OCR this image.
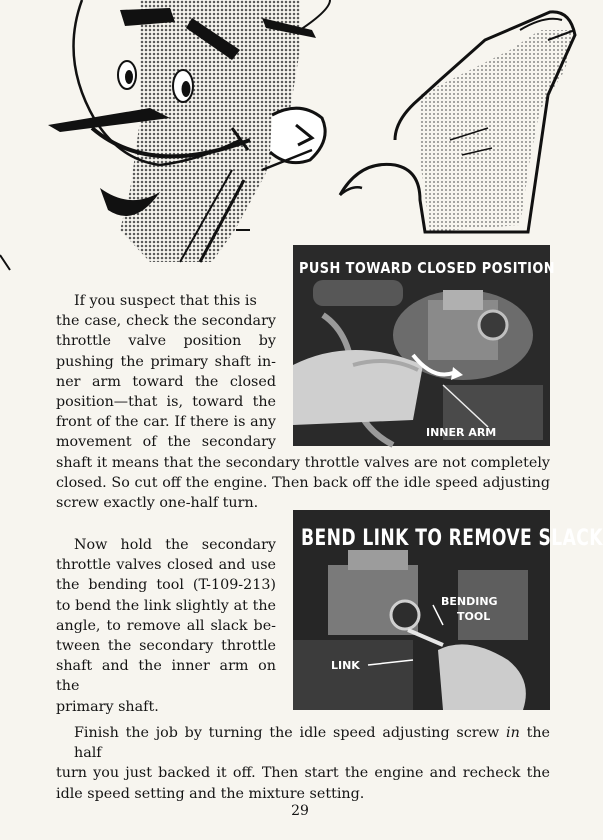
PUSH TOWARD CLOSED POSITION
INNER ARM
BEND LINK TO REMOVE SLACK
BENDING
TOOL
LINK
If you suspect that this is
the case, check the secondary
throttle valve position by
pushing the primary shaft in-
ner arm toward the closed
position—that is, toward the
front of the car. If there is any
movement of the secondary
shaft it means that the secondary throttle valves are not completely
closed. So cut off the engine. Then back off the idle speed adjusting
screw exactly one-half turn.
Now hold the secondary
throttle valves closed and use
the bending tool (T-109-213)
to bend the link slightly at the
angle, to remove all slack be-
tween the secondary throttle
shaft and the inner arm on the
primary shaft.
Finish the job by turning the idle speed adjusting screw in the half
turn you just backed it off. Then start the engine and recheck the
idle speed setting and the mixture setting.
29
